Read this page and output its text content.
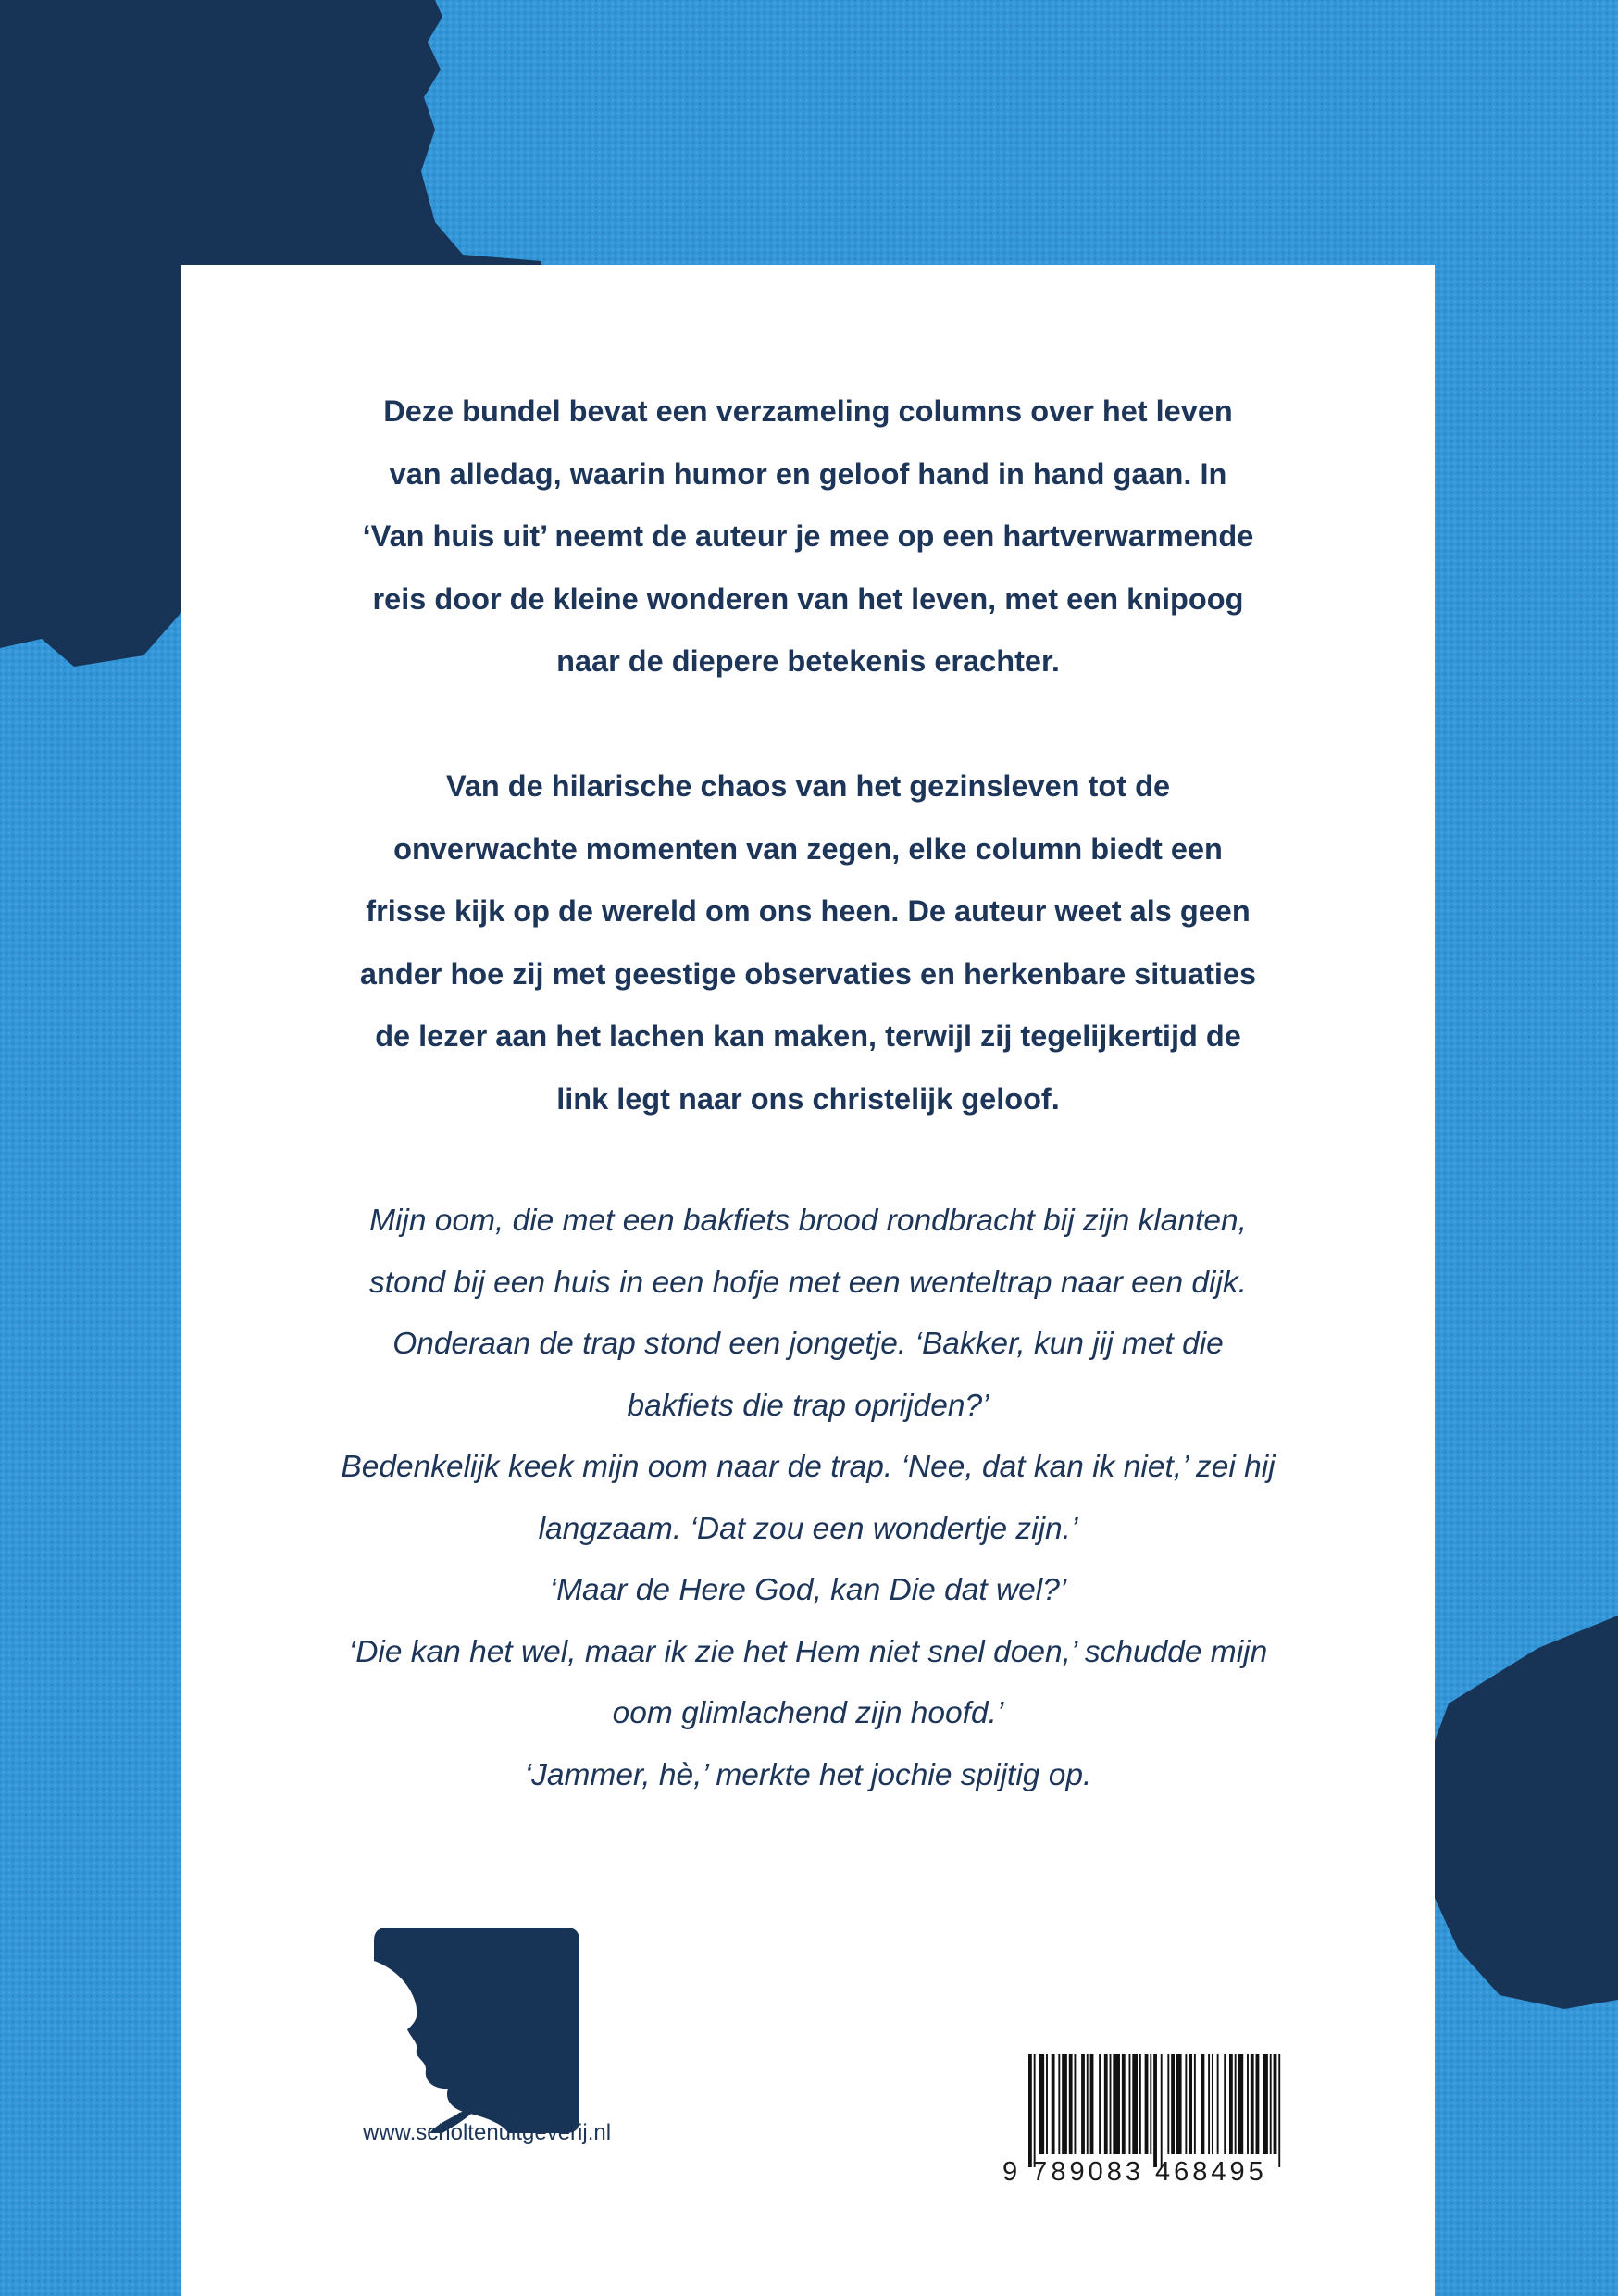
Deze bundel bevat een verzameling columns over het leven
van alledag, waarin humor en geloof hand in hand gaan. In
‘Van huis uit’ neemt de auteur je mee op een hartverwarmende
reis door de kleine wonderen van het leven, met een knipoog
naar de diepere betekenis erachter.
Van de hilarische chaos van het gezinsleven tot de
onverwachte momenten van zegen, elke column biedt een
frisse kijk op de wereld om ons heen. De auteur weet als geen
ander hoe zij met geestige observaties en herkenbare situaties
de lezer aan het lachen kan maken, terwijl zij tegelijkertijd de
link legt naar ons christelijk geloof.
Mijn oom, die met een bakfiets brood rondbracht bij zijn klanten,
stond bij een huis in een hofje met een wenteltrap naar een dijk.
Onderaan de trap stond een jongetje. ‘Bakker, kun jij met die
bakfiets die trap oprijden?’
Bedenkelijk keek mijn oom naar de trap. ‘Nee, dat kan ik niet,’ zei hij
langzaam. ‘Dat zou een wondertje zijn.’
‘Maar de Here God, kan Die dat wel?’
‘Die kan het wel, maar ik zie het Hem niet snel doen,’ schudde mijn
oom glimlachend zijn hoofd.’
‘Jammer, hè,’ merkte het jochie spijtig op.
Scholten
Uitgeverij
www.scholtenuitgeverij.nl
9 789083 468495
